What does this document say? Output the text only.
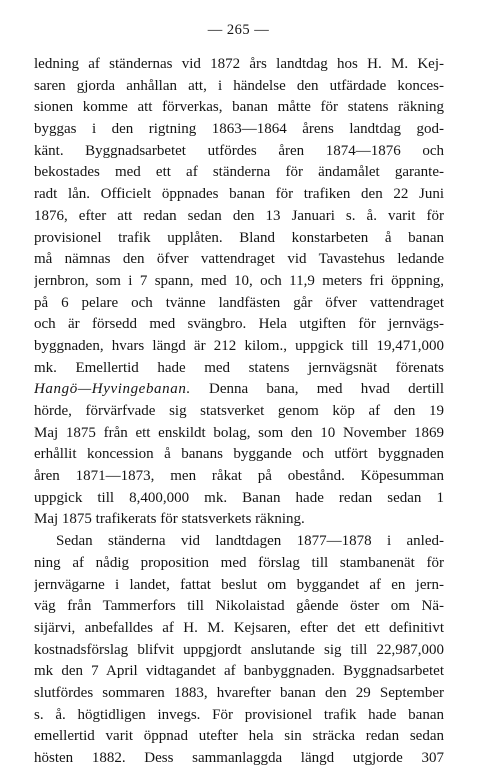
— 265 —
ledning af ständernas vid 1872 års landtdag hos H. M. Kej-
saren gjorda anhållan att, i händelse den utfärdade konces-
sionen komme att förverkas, banan måtte för statens räkning
byggas i den rigtning 1863—1864 årens landtdag god-
känt. Byggnadsarbetet utfördes åren 1874—1876 och
bekostades med ett af ständerna för ändamålet garante-
radt lån. Officielt öppnades banan för trafiken den 22 Juni
1876, efter att redan sedan den 13 Januari s. å. varit för
provisionel trafik upplåten. Bland konstarbeten å banan
må nämnas den öfver vattendraget vid Tavastehus ledande
jernbron, som i 7 spann, med 10, och 11,9 meters fri öppning,
på 6 pelare och tvänne landfästen går öfver vattendraget
och är försedd med svängbro. Hela utgiften för jernvägs-
byggnaden, hvars längd är 212 kilom., uppgick till 19,471,000
mk. Emellertid hade med statens jernvägsnät förenats
Hangö—Hyvingebanan. Denna bana, med hvad dertill
hörde, förvärfvade sig statsverket genom köp af den 19
Maj 1875 från ett enskildt bolag, som den 10 November 1869
erhållit koncession å banans byggande och utfört byggnaden
åren 1871—1873, men råkat på obestånd. Köpesumman
uppgick till 8,400,000 mk. Banan hade redan sedan 1
Maj 1875 trafikerats för statsverkets räkning.
Sedan ständerna vid landtdagen 1877—1878 i anled-
ning af nådig proposition med förslag till stambanenät för
jernvägarne i landet, fattat beslut om byggandet af en jern-
väg från Tammerfors till Nikolaistad gående öster om Nä-
sijärvi, anbefalldes af H. M. Kejsaren, efter det ett definitivt
kostnadsförslag blifvit uppgjordt anslutande sig till 22,987,000
mk den 7 April vidtagandet af banbyggnaden. Byggnadsarbetet
slutfördes sommaren 1883, hvarefter banan den 29 September
s. å. högtidligen invegs. För provisionel trafik hade banan
emellertid varit öppnad utefter hela sin sträcka redan sedan
hösten 1882. Dess sammanlaggda längd utgjorde 307
